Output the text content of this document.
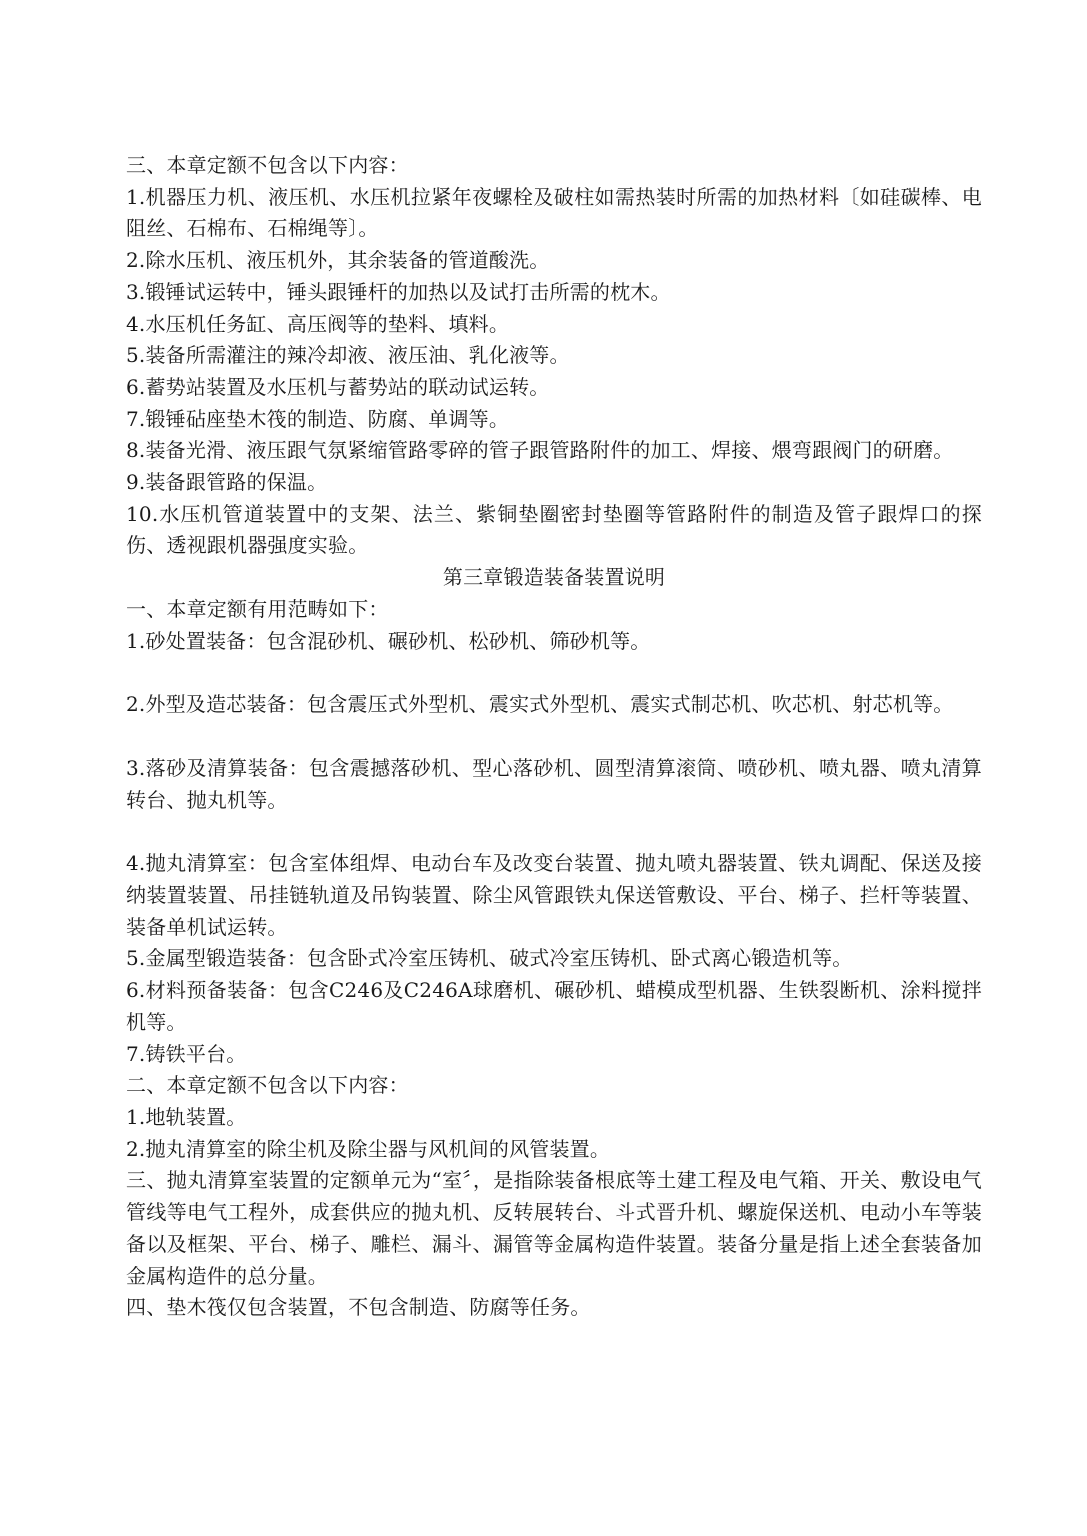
三、本章定额不包含以下内容：

1.机器压力机、液压机、水压机拉紧年夜螺栓及破柱如需热装时所需的加热材料〔如硅碳棒、电阻丝、石棉布、石棉绳等〕。

2.除水压机、液压机外，其余装备的管道酸洗。

3.锻锤试运转中，锤头跟锤杆的加热以及试打击所需的枕木。

4.水压机任务缸、高压阀等的垫料、填料。

5.装备所需灌注的辣冷却液、液压油、乳化液等。

6.蓄势站装置及水压机与蓄势站的联动试运转。

7.锻锤砧座垫木筏的制造、防腐、单调等。

8.装备光滑、液压跟气氛紧缩管路零碎的管子跟管路附件的加工、焊接、煨弯跟阀门的研磨。

9.装备跟管路的保温。

10.水压机管道装置中的支架、法兰、紫铜垫圈密封垫圈等管路附件的制造及管子跟焊口的探伤、透视跟机器强度实验。

第三章锻造装备装置说明

一、本章定额有用范畴如下：

1.砂处置装备：包含混砂机、碾砂机、松砂机、筛砂机等。

2.外型及造芯装备：包含震压式外型机、震实式外型机、震实式制芯机、吹芯机、射芯机等。

3.落砂及清算装备：包含震撼落砂机、型心落砂机、圆型清算滚筒、喷砂机、喷丸器、喷丸清算转台、抛丸机等。

4.抛丸清算室：包含室体组焊、电动台车及改变台装置、抛丸喷丸器装置、铁丸调配、保送及接纳装置装置、吊挂链轨道及吊钩装置、除尘风管跟铁丸保送管敷设、平台、梯子、拦杆等装置、装备单机试运转。

5.金属型锻造装备：包含卧式冷室压铸机、破式冷室压铸机、卧式离心锻造机等。

6.材料预备装备：包含C246及C246A球磨机、碾砂机、蜡模成型机器、生铁裂断机、涂料搅拌机等。

7.铸铁平台。

二、本章定额不包含以下内容：

1.地轨装置。

2.抛丸清算室的除尘机及除尘器与风机间的风管装置。

三、抛丸清算室装置的定额单元为“室〞，是指除装备根底等土建工程及电气箱、开关、敷设电气管线等电气工程外，成套供应的抛丸机、反转展转台、斗式晋升机、螺旋保送机、电动小车等装备以及框架、平台、梯子、雕栏、漏斗、漏管等金属构造件装置。装备分量是指上述全套装备加金属构造件的总分量。

四、垫木筏仅包含装置，不包含制造、防腐等任务。
